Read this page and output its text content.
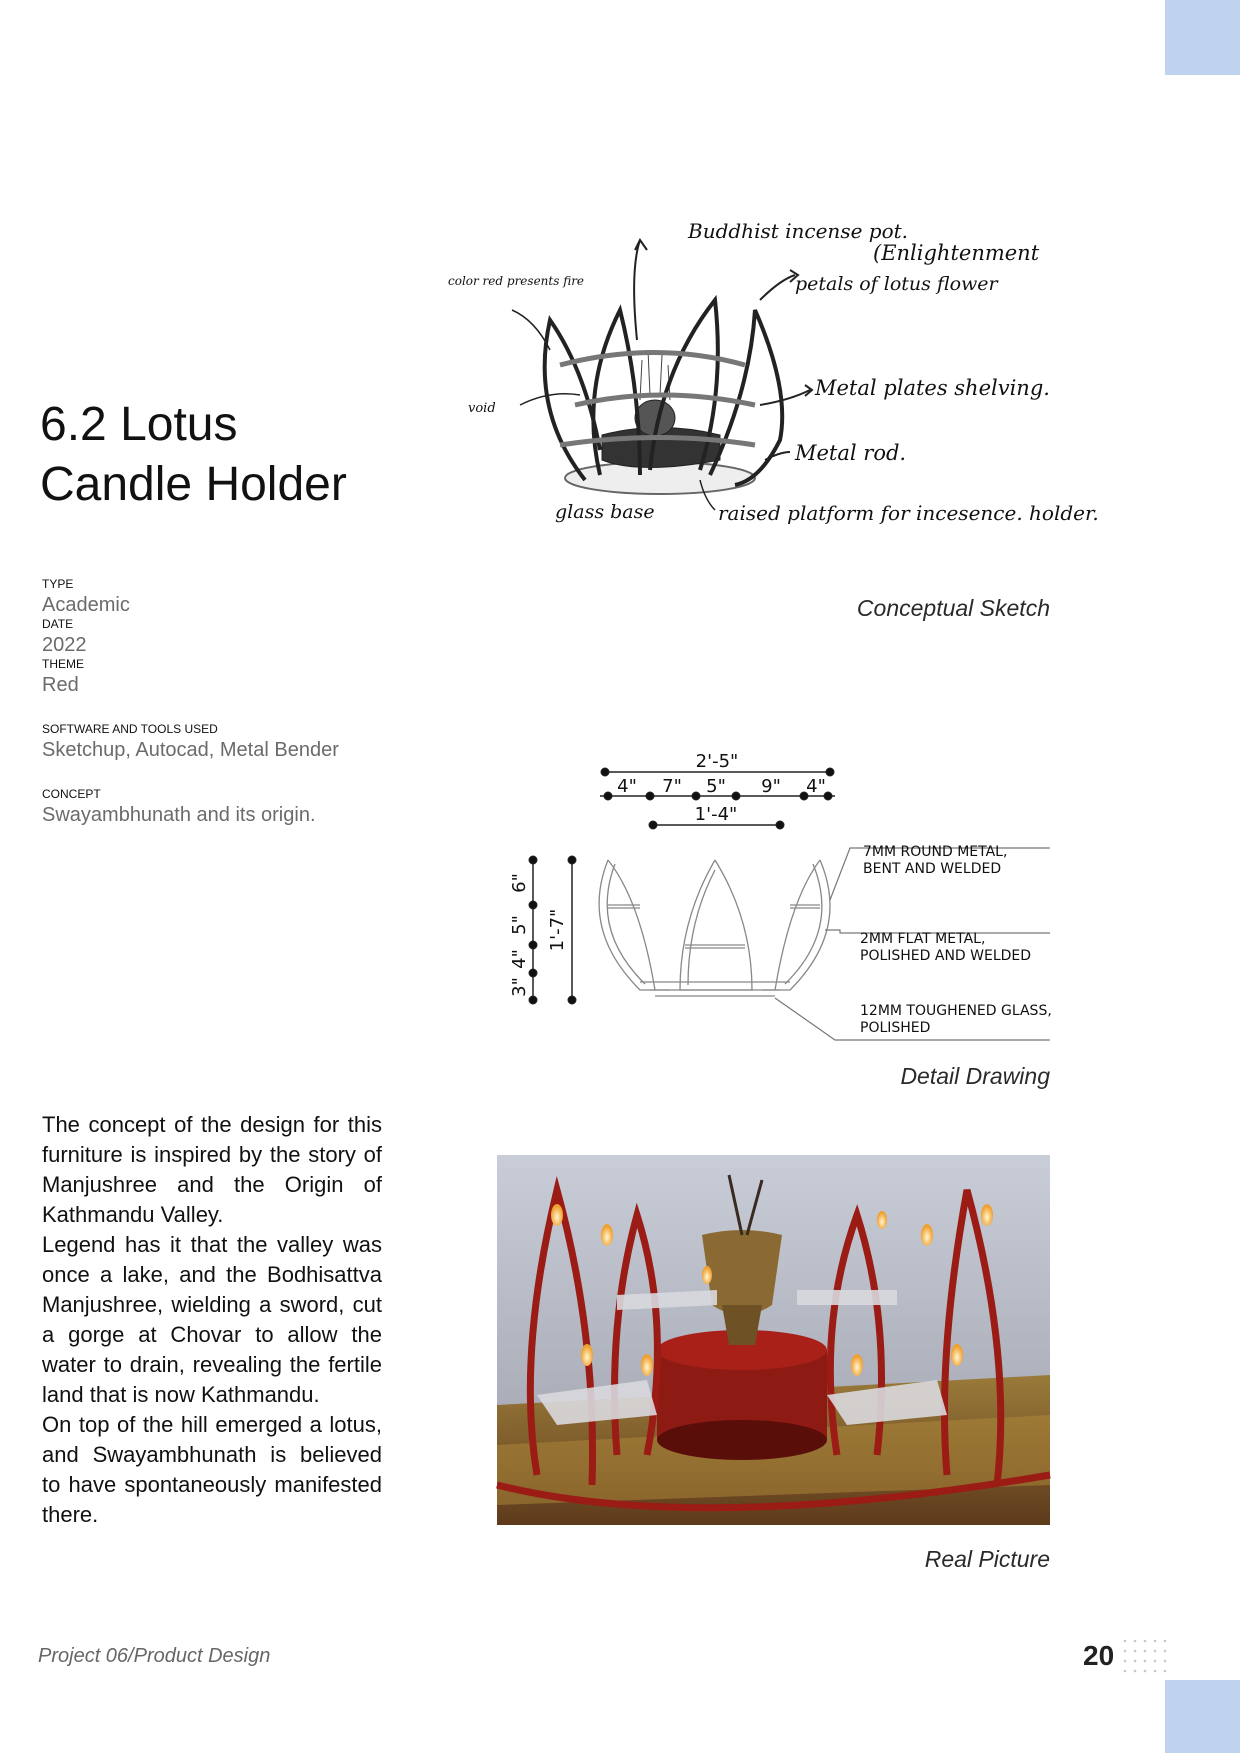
6.2 Lotus
Candle Holder
TYPE
Academic
DATE
2022
THEME
Red
SOFTWARE AND TOOLS USED
Sketchup, Autocad, Metal Bender
CONCEPT
Swayambhunath and its origin.

The concept of the design for this furniture is inspired by the story of Manjushree and the Origin of Kathmandu Valley.

Legend has it that the valley was once a lake, and the Bodhisattva Manjushree, wielding a sword, cut a gorge at Chovar to allow the water to drain, revealing the fertile land that is now Kathmandu.

On top of the hill emerged a lotus, and Swayambhunath is believed to have spontaneously manifested there.

Buddhist incense pot.
(Enlightenment
petals of lotus flower
color red presents fire
void
Metal plates shelving.
Metal rod.
glass base	raised platform for incesence. holder.
Conceptual Sketch
2'-5"
4" 7" 5" 9" 4"
1'-4"
1'-7"
6"
5"
4"
3"
7MM ROUND METAL,
BENT AND WELDED
2MM FLAT METAL,
POLISHED AND WELDED
12MM TOUGHENED GLASS,
POLISHED
Detail Drawing
Real Picture
Project 06/Product Design	20
